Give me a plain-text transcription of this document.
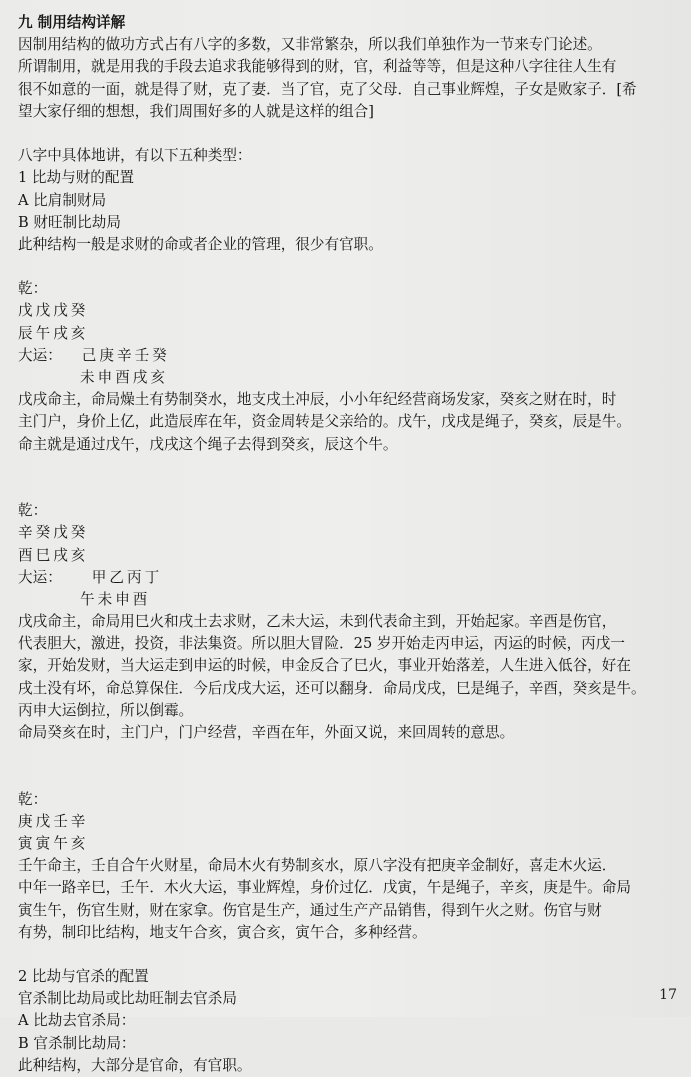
九 制用结构详解
因制用结构的做功方式占有八字的多数，又非常繁杂，所以我们单独作为一节来专门论述。
所谓制用，就是用我的手段去追求我能够得到的财，官，利益等等，但是这种八字往往人生有
很不如意的一面，就是得了财，克了妻．当了官，克了父母．自己事业辉煌，子女是败家子．[希
望大家仔细的想想，我们周围好多的人就是这样的组合]
八字中具体地讲，有以下五种类型：
1 比劫与财的配置
A 比肩制财局
B 财旺制比劫局
此种结构一般是求财的命或者企业的管理，很少有官职。
乾：
戊戊戊癸
辰午戌亥
大运： 己庚辛壬癸
未申酉戌亥
戊戌命主，命局燥土有势制癸水，地支戌土冲辰，小小年纪经营商场发家，癸亥之财在时，时
主门户，身价上亿，此造辰库在年，资金周转是父亲给的。戊午，戊戌是绳子，癸亥，辰是牛。
命主就是通过戊午，戊戌这个绳子去得到癸亥，辰这个牛。
乾：
辛癸戊癸
酉巳戌亥
大运： 甲乙丙丁
午未申酉
戊戌命主，命局用巳火和戌土去求财，乙未大运，未到代表命主到，开始起家。辛酉是伤官，
代表胆大，激进，投资，非法集资。所以胆大冒险．25 岁开始走丙申运，丙运的时候，丙戊一
家，开始发财，当大运走到申运的时候，申金反合了巳火，事业开始落差，人生进入低谷，好在
戌土没有坏，命总算保住．今后戊戌大运，还可以翻身．命局戊戌，巳是绳子，辛酉，癸亥是牛。
丙申大运倒拉，所以倒霉。
命局癸亥在时，主门户，门户经营，辛酉在年，外面又说，来回周转的意思。
乾：
庚戊壬辛
寅寅午亥
壬午命主，壬自合午火财星，命局木火有势制亥水，原八字没有把庚辛金制好，喜走木火运．
中年一路辛巳，壬午．木火大运，事业辉煌，身价过亿．戊寅，午是绳子，辛亥，庚是牛。命局
寅生午，伤官生财，财在家拿。伤官是生产，通过生产产品销售，得到午火之财。伤官与财
有势，制印比结构，地支午合亥，寅合亥，寅午合，多种经营。
2 比劫与官杀的配置
官杀制比劫局或比劫旺制去官杀局
A 比劫去官杀局：
B 官杀制比劫局：
此种结构，大部分是官命，有官职。
17
